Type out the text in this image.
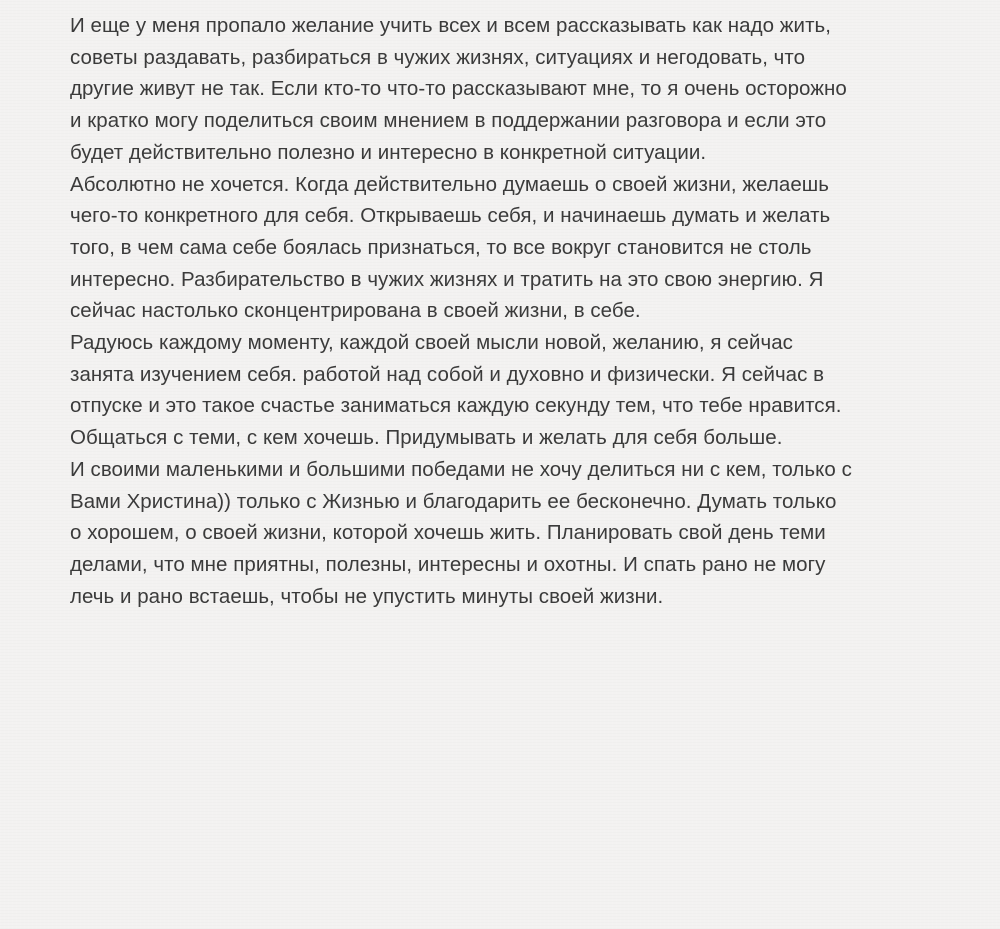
И еще у меня пропало желание учить всех и всем рассказывать как надо жить,
советы раздавать, разбираться в чужих жизнях, ситуациях и негодовать, что
другие живут не так. Если кто-то что-то рассказывают мне, то я очень осторожно
и кратко могу поделиться своим мнением в поддержании разговора и если это
будет действительно полезно и интересно в конкретной ситуации.
Абсолютно не хочется. Когда действительно думаешь о своей жизни, желаешь
чего-то конкретного для себя. Открываешь себя, и начинаешь думать и желать
того, в чем сама себе боялась признаться, то все вокруг становится не столь
интересно. Разбирательство в чужих жизнях и тратить на это свою энергию. Я
сейчас настолько сконцентрирована в своей жизни, в себе.
Радуюсь каждому моменту, каждой своей мысли новой, желанию, я сейчас
занята изучением себя. работой над собой и духовно и физически. Я сейчас в
отпуске и это такое счастье заниматься каждую секунду тем, что тебе нравится.
Общаться с теми, с кем хочешь. Придумывать и желать для себя больше.
И своими маленькими и большими победами не хочу делиться ни с кем, только с
Вами Христина)) только с Жизнью и благодарить ее бесконечно. Думать только
о хорошем, о своей жизни, которой хочешь жить. Планировать свой день теми
делами, что мне приятны, полезны, интересны и охотны. И спать рано не могу
лечь и рано встаешь, чтобы не упустить минуты своей жизни.
